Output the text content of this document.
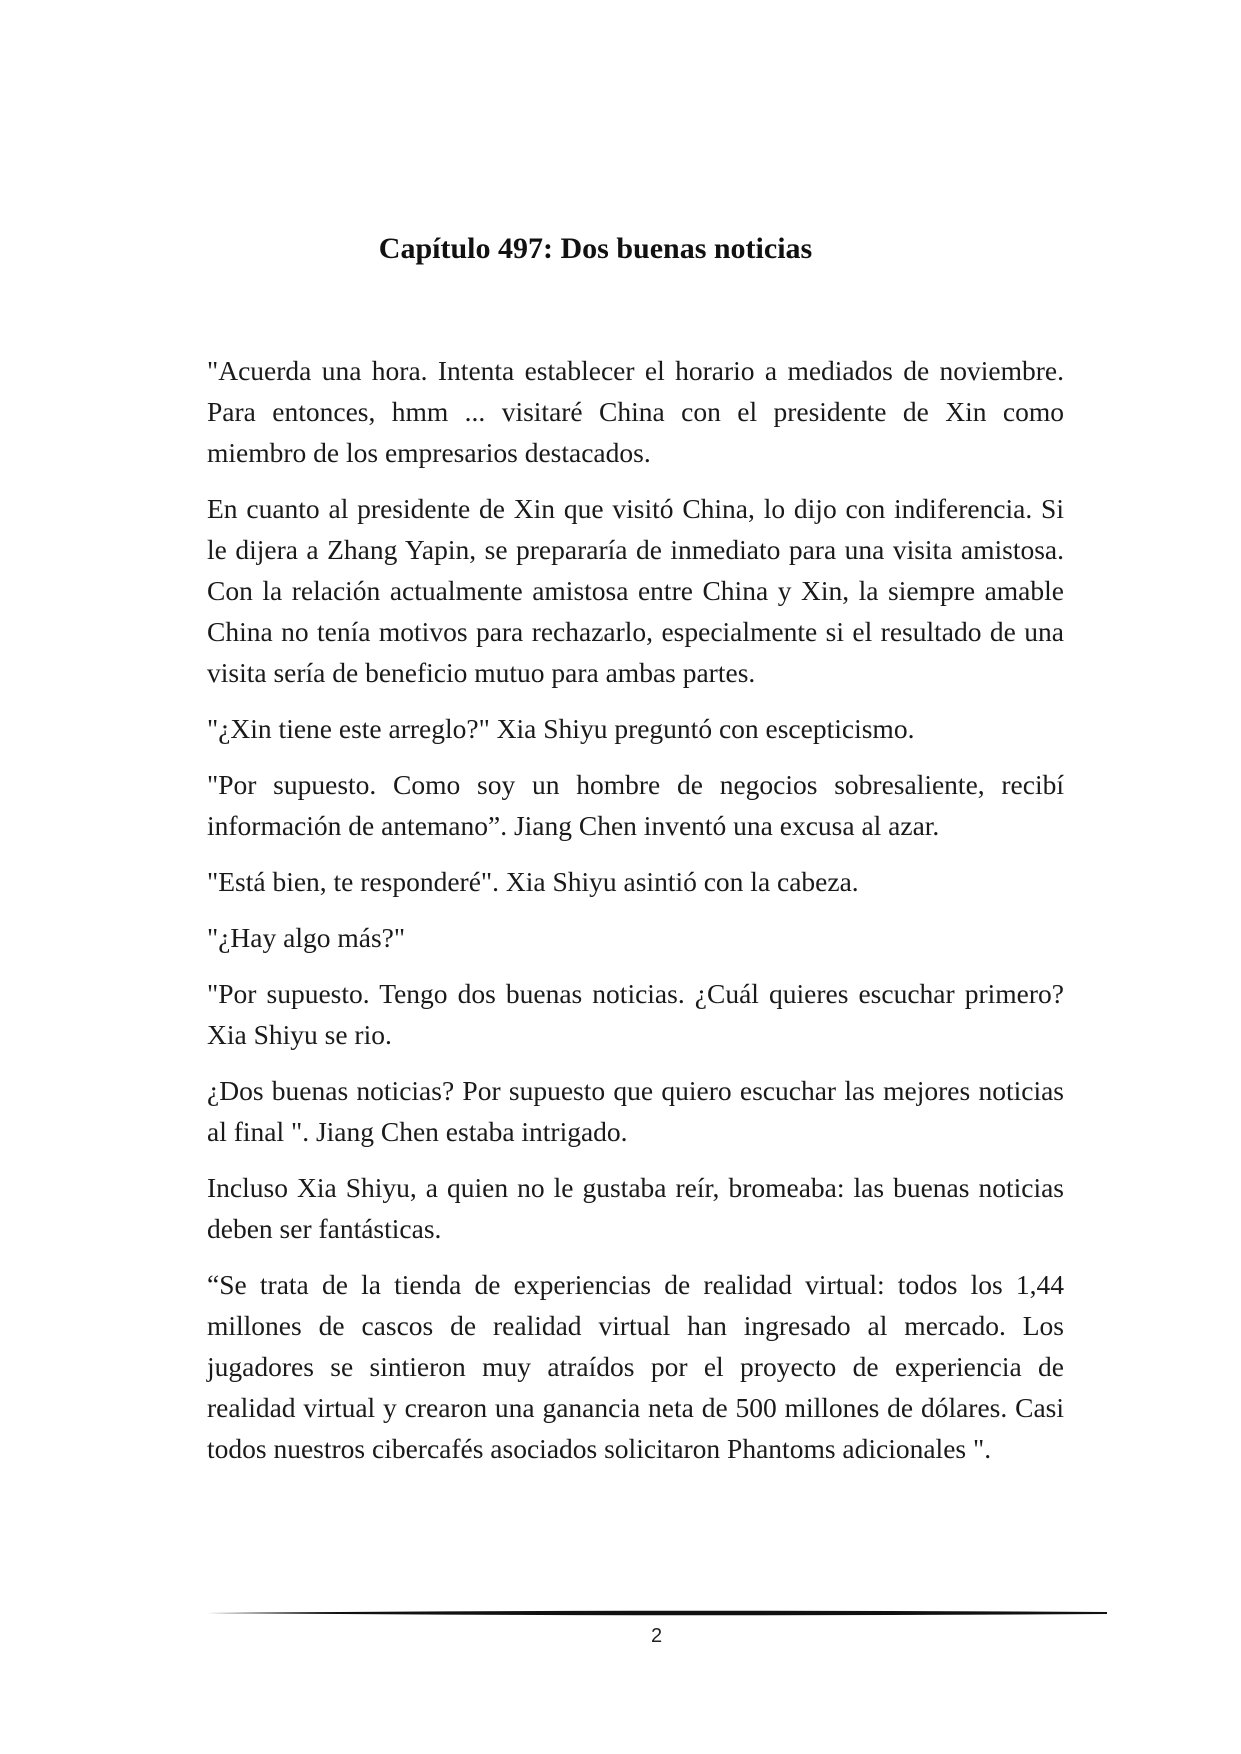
Capítulo 497: Dos buenas noticias

"Acuerda una hora. Intenta establecer el horario a mediados de noviembre. Para entonces, hmm ... visitaré China con el presidente de Xin como miembro de los empresarios destacados.

En cuanto al presidente de Xin que visitó China, lo dijo con indiferencia. Si le dijera a Zhang Yapin, se prepararía de inmediato para una visita amistosa. Con la relación actualmente amistosa entre China y Xin, la siempre amable China no tenía motivos para rechazarlo, especialmente si el resultado de una visita sería de beneficio mutuo para ambas partes.

"¿Xin tiene este arreglo?" Xia Shiyu preguntó con escepticismo.

"Por supuesto. Como soy un hombre de negocios sobresaliente, recibí información de antemano”. Jiang Chen inventó una excusa al azar.

"Está bien, te responderé". Xia Shiyu asintió con la cabeza.

"¿Hay algo más?"

"Por supuesto. Tengo dos buenas noticias. ¿Cuál quieres escuchar primero? Xia Shiyu se rio.

¿Dos buenas noticias? Por supuesto que quiero escuchar las mejores noticias al final ". Jiang Chen estaba intrigado.

Incluso Xia Shiyu, a quien no le gustaba reír, bromeaba: las buenas noticias deben ser fantásticas.

“Se trata de la tienda de experiencias de realidad virtual: todos los 1,44 millones de cascos de realidad virtual han ingresado al mercado. Los jugadores se sintieron muy atraídos por el proyecto de experiencia de realidad virtual y crearon una ganancia neta de 500 millones de dólares. Casi todos nuestros cibercafés asociados solicitaron Phantoms adicionales ".

2
